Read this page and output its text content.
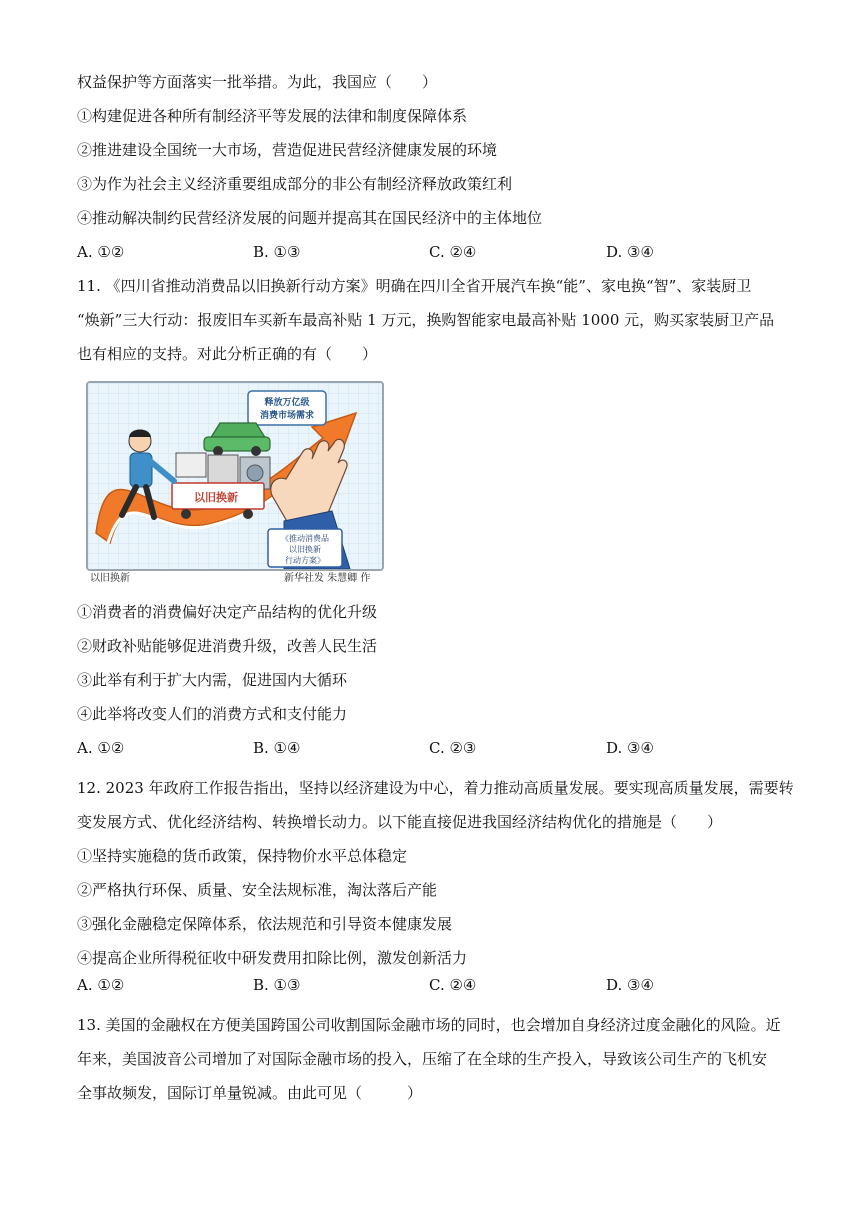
权益保护等方面落实一批举措。为此，我国应（　　）
①构建促进各种所有制经济平等发展的法律和制度保障体系
②推进建设全国统一大市场，营造促进民营经济健康发展的环境
③为作为社会主义经济重要组成部分的非公有制经济释放政策红利
④推动解决制约民营经济发展的问题并提高其在国民经济中的主体地位
A. ①②	B. ①③	C. ②④	D. ③④
11. 《四川省推动消费品以旧换新行动方案》明确在四川全省开展汽车换“能”、家电换“智”、家装厨卫
“焕新”三大行动：报废旧车买新车最高补贴 1 万元，换购智能家电最高补贴 1000 元，购买家装厨卫产品
也有相应的支持。对此分析正确的有（　　）
释放万亿级
消费市场需求
以旧换新
《推动消费品
以旧换新
行动方案》
以旧换新	新华社发 朱慧卿 作
①消费者的消费偏好决定产品结构的优化升级
②财政补贴能够促进消费升级，改善人民生活
③此举有利于扩大内需，促进国内大循环
④此举将改变人们的消费方式和支付能力
A. ①②	B. ①④	C. ②③	D. ③④
12. 2023 年政府工作报告指出，坚持以经济建设为中心，着力推动高质量发展。要实现高质量发展，需要转
变发展方式、优化经济结构、转换增长动力。以下能直接促进我国经济结构优化的措施是（　　）
①坚持实施稳的货币政策，保持物价水平总体稳定
②严格执行环保、质量、安全法规标准，淘汰落后产能
③强化金融稳定保障体系，依法规范和引导资本健康发展
④提高企业所得税征收中研发费用扣除比例，激发创新活力
A. ①②	B. ①③	C. ②④	D. ③④
13. 美国的金融权在方便美国跨国公司收割国际金融市场的同时，也会增加自身经济过度金融化的风险。近
年来，美国波音公司增加了对国际金融市场的投入，压缩了在全球的生产投入，导致该公司生产的飞机安
全事故频发，国际订单量锐减。由此可见（　　　）
